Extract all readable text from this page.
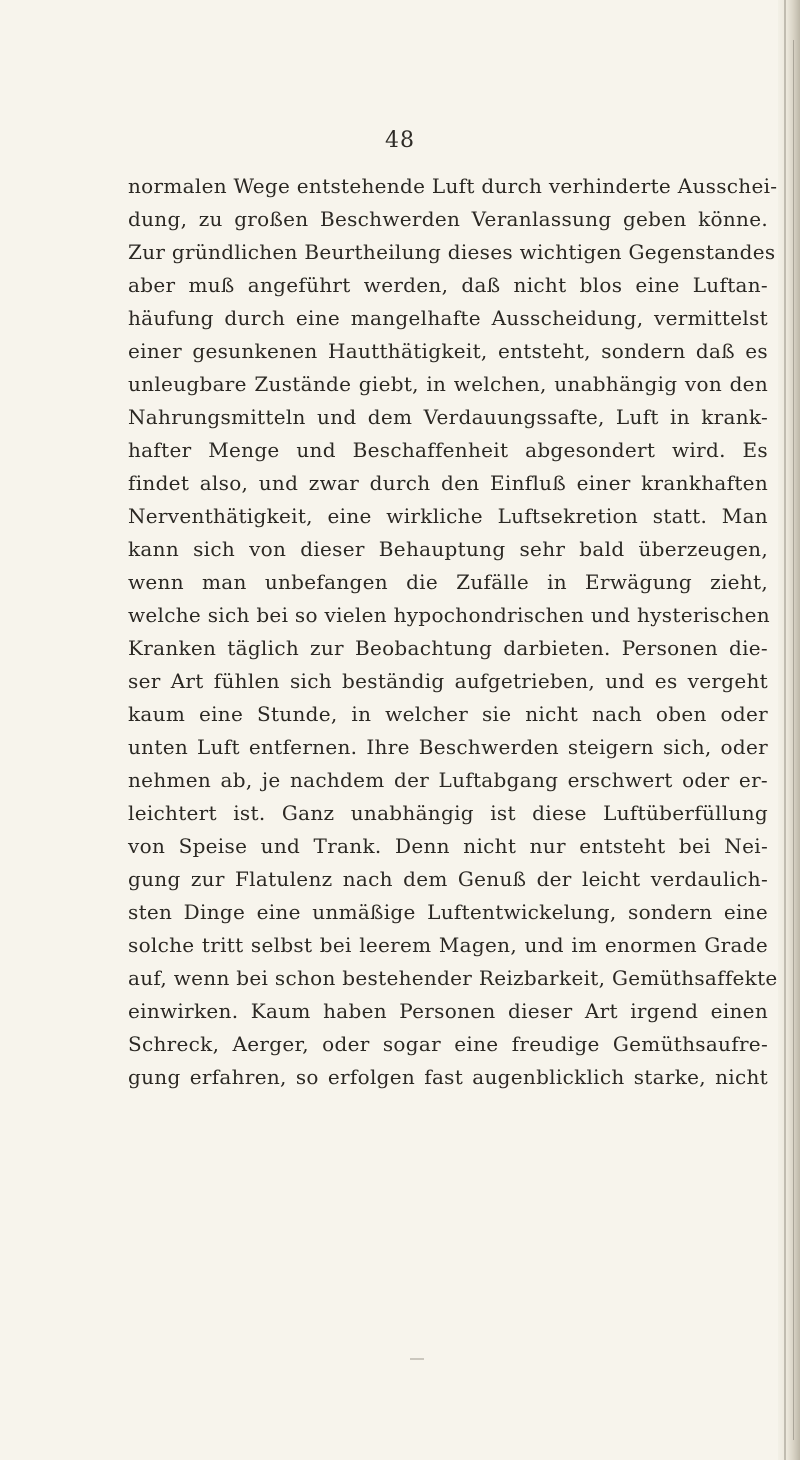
48
normalen Wege entstehende Luft durch verhinderte Ausschei-
dung, zu großen Beschwerden Veranlassung geben könne.
Zur gründlichen Beurtheilung dieses wichtigen Gegenstandes
aber muß angeführt werden, daß nicht blos eine Luftan-
häufung durch eine mangelhafte Ausscheidung, vermittelst
einer gesunkenen Hautthätigkeit, entsteht, sondern daß es
unleugbare Zustände giebt, in welchen, unabhängig von den
Nahrungsmitteln und dem Verdauungssafte, Luft in krank-
hafter Menge und Beschaffenheit abgesondert wird. Es
findet also, und zwar durch den Einfluß einer krankhaften
Nerventhätigkeit, eine wirkliche Luftsekretion statt. Man
kann sich von dieser Behauptung sehr bald überzeugen,
wenn man unbefangen die Zufälle in Erwägung zieht,
welche sich bei so vielen hypochondrischen und hysterischen
Kranken täglich zur Beobachtung darbieten. Personen die-
ser Art fühlen sich beständig aufgetrieben, und es vergeht
kaum eine Stunde, in welcher sie nicht nach oben oder
unten Luft entfernen. Ihre Beschwerden steigern sich, oder
nehmen ab, je nachdem der Luftabgang erschwert oder er-
leichtert ist. Ganz unabhängig ist diese Luftüberfüllung
von Speise und Trank. Denn nicht nur entsteht bei Nei-
gung zur Flatulenz nach dem Genuß der leicht verdaulich-
sten Dinge eine unmäßige Luftentwickelung, sondern eine
solche tritt selbst bei leerem Magen, und im enormen Grade
auf, wenn bei schon bestehender Reizbarkeit, Gemüthsaffekte
einwirken. Kaum haben Personen dieser Art irgend einen
Schreck, Aerger, oder sogar eine freudige Gemüthsaufre-
gung erfahren, so erfolgen fast augenblicklich starke, nicht
